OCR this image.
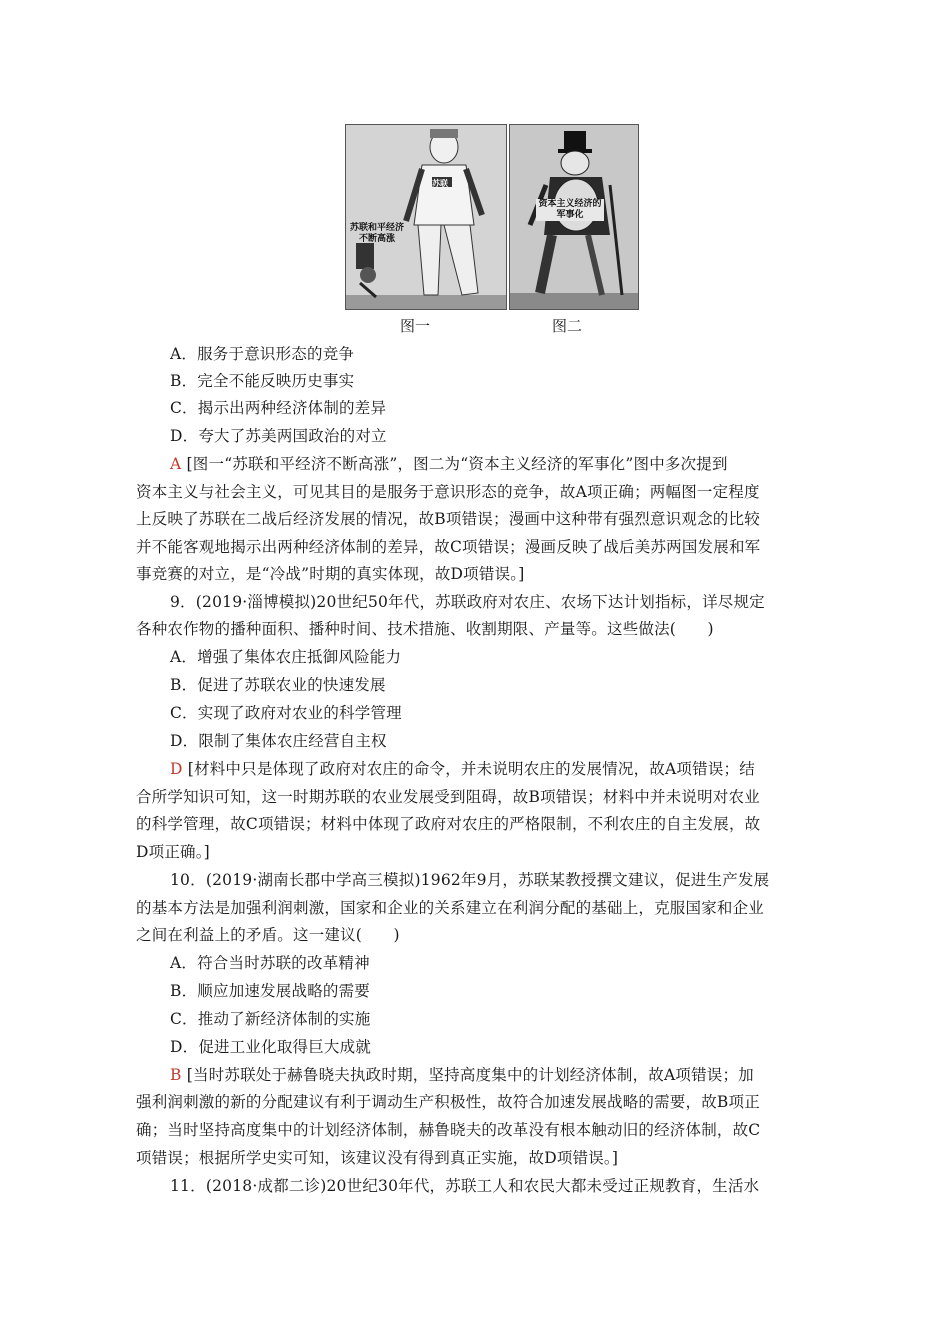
苏联
苏联和平经济不断高涨
资本主义经济的军事化
图一	图二
A．服务于意识形态的竞争
B．完全不能反映历史事实
C．揭示出两种经济体制的差异
D．夸大了苏美两国政治的对立
A [图一“苏联和平经济不断高涨”，图二为“资本主义经济的军事化”图中多次提到
资本主义与社会主义，可见其目的是服务于意识形态的竞争，故A项正确；两幅图一定程度
上反映了苏联在二战后经济发展的情况，故B项错误；漫画中这种带有强烈意识观念的比较
并不能客观地揭示出两种经济体制的差异，故C项错误；漫画反映了战后美苏两国发展和军
事竞赛的对立，是“冷战”时期的真实体现，故D项错误。]
9．(2019·淄博模拟)20世纪50年代，苏联政府对农庄、农场下达计划指标，详尽规定
各种农作物的播种面积、播种时间、技术措施、收割期限、产量等。这些做法(　　)
A．增强了集体农庄抵御风险能力
B．促进了苏联农业的快速发展
C．实现了政府对农业的科学管理
D．限制了集体农庄经营自主权
D [材料中只是体现了政府对农庄的命令，并未说明农庄的发展情况，故A项错误；结
合所学知识可知，这一时期苏联的农业发展受到阻碍，故B项错误；材料中并未说明对农业
的科学管理，故C项错误；材料中体现了政府对农庄的严格限制，不利农庄的自主发展，故
D项正确。]
10．(2019·湖南长郡中学高三模拟)1962年9月，苏联某教授撰文建议，促进生产发展
的基本方法是加强利润刺激，国家和企业的关系建立在利润分配的基础上，克服国家和企业
之间在利益上的矛盾。这一建议(　　)
A．符合当时苏联的改革精神
B．顺应加速发展战略的需要
C．推动了新经济体制的实施
D．促进工业化取得巨大成就
B [当时苏联处于赫鲁晓夫执政时期，坚持高度集中的计划经济体制，故A项错误；加
强利润刺激的新的分配建议有利于调动生产积极性，故符合加速发展战略的需要，故B项正
确；当时坚持高度集中的计划经济体制，赫鲁晓夫的改革没有根本触动旧的经济体制，故C
项错误；根据所学史实可知，该建议没有得到真正实施，故D项错误。]
11．(2018·成都二诊)20世纪30年代，苏联工人和农民大都未受过正规教育，生活水
